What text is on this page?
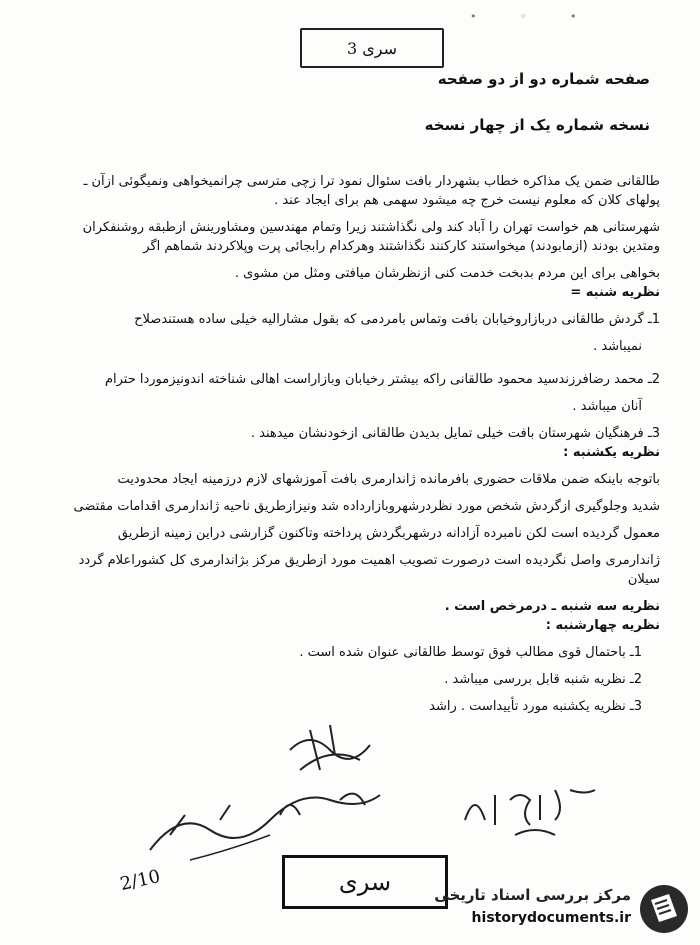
• ◦ •
سری 3
صفحه شماره دو از دو صفحه
نسخه شماره یک از چهار نسخه

طالقانی ضمن یک مذاکره خطاب بشهردار بافت سئوال نمود ترا زچی مترسی چرانمیخواهی ونمیگوئی ازآن ـ

پولهای کلان که معلوم نیست خرج چه میشود سهمی هم برای ایجاد عند .

شهرستانی هم خواست تهران را آباد کند ولی نگذاشتند زیرا وتمام مهندسین ومشاورینش ازطبقه روشنفکران

ومتدین بودند (ازمابودند) میخواستند کارکنند نگذاشتند وهرکدام رابجائی پرت وپلاکردند شماهم اگر

بخواهی برای این مردم بدبخت خدمت کنی ازنظرشان میافتی ومثل من مشوی .

نظریه شنبه =

1ـ گردش طالقانی دربازاروخیابان بافت وتماس بامردمی که بقول مشارالیه خیلی ساده هستندصلاح

نمیباشد .

2ـ محمد رضافرزندسید محمود طالقانی راکه بیشتر رخیابان وبازاراست اهالی شناخته اندونیزموردا حترام

آنان میباشد .

3ـ فرهنگیان شهرستان بافت خیلی تمایل بدیدن طالقانی ازخودنشان میدهند .

نظریه یکشنبه :

باتوجه باینکه ضمن ملاقات حضوری بافرمانده ژاندارمری بافت آموزشهای لازم درزمینه ایجاد محدودیت

شدید وجلوگیری ازگردش شخص مورد نظردرشهروبازارداده شد ونیزازطریق ناحیه ژاندارمری اقدامات مقتضی

معمول گردیده است لکن نامبرده آزادانه درشهربگردش پرداخته وتاکنون گزارشی دراین زمینه ازطریق

ژاندارمری واصل نگردیده است درصورت تصویب اهمیت مورد ازطریق مرکز بژاندارمری کل کشوراعلام گردد

سیلان

نظریه سه شنبه ـ درمرخص است .

نظریه چهارشنبه :

1ـ باحتمال قوی مطالب فوق توسط طالقانی عنوان شده است .

2ـ نظریه شنبه قابل بررسی میباشد .

3ـ نظریه یکشنبه مورد تأییداست . راشد

2/10	سری	مرکز بررسی اسناد تاریخی
historydocuments.ir
